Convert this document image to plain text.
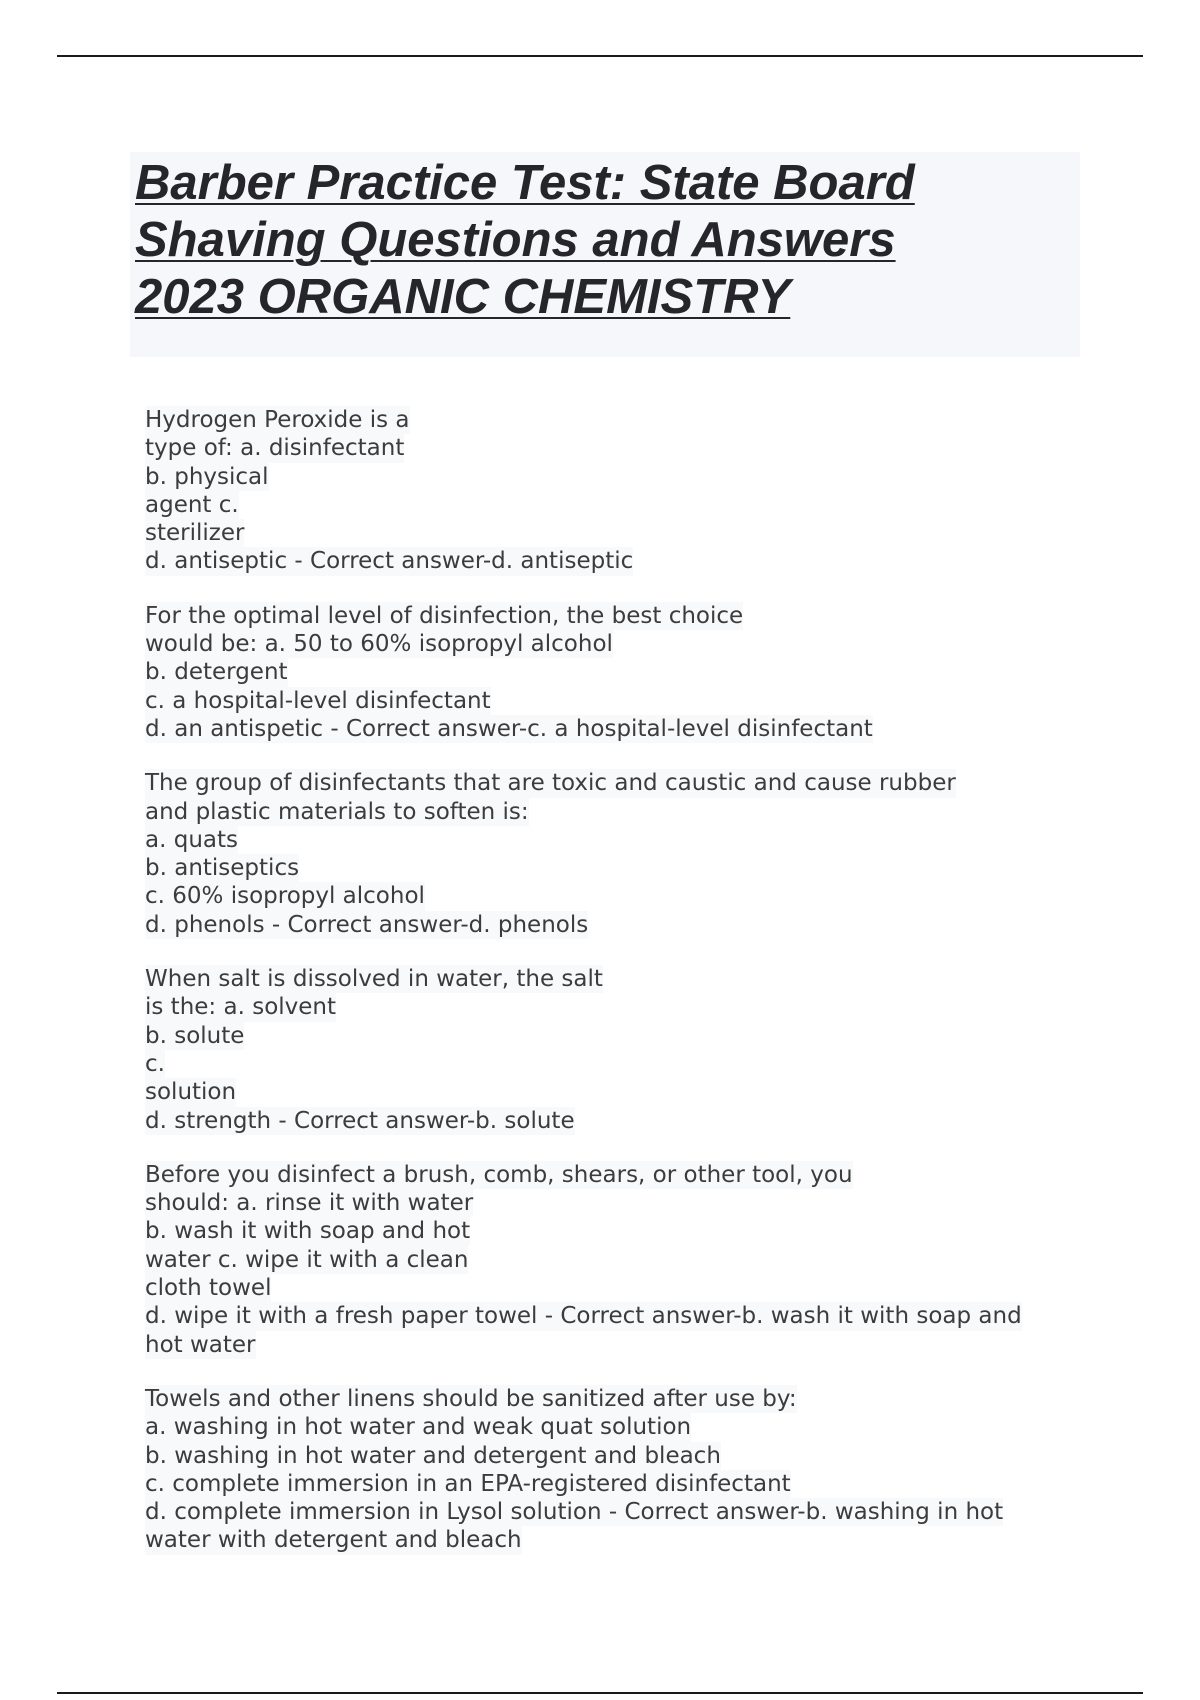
Barber Practice Test: State Board
Shaving Questions and Answers
2023 ORGANIC CHEMISTRY
Hydrogen Peroxide is a
type of: a. disinfectant
b. physical
agent c.
sterilizer
d. antiseptic - Correct answer-d. antiseptic
For the optimal level of disinfection, the best choice
would be: a. 50 to 60% isopropyl alcohol
b. detergent
c. a hospital-level disinfectant
d. an antispetic - Correct answer-c. a hospital-level disinfectant
The group of disinfectants that are toxic and caustic and cause rubber
and plastic materials to soften is:
a. quats
b. antiseptics
c. 60% isopropyl alcohol
d. phenols - Correct answer-d. phenols
When salt is dissolved in water, the salt
is the: a. solvent
b. solute
c.
solution
d. strength - Correct answer-b. solute
Before you disinfect a brush, comb, shears, or other tool, you
should: a. rinse it with water
b. wash it with soap and hot
water c. wipe it with a clean
cloth towel
d. wipe it with a fresh paper towel - Correct answer-b. wash it with soap and
hot water
Towels and other linens should be sanitized after use by:
a. washing in hot water and weak quat solution
b. washing in hot water and detergent and bleach
c. complete immersion in an EPA-registered disinfectant
d. complete immersion in Lysol solution - Correct answer-b. washing in hot
water with detergent and bleach
